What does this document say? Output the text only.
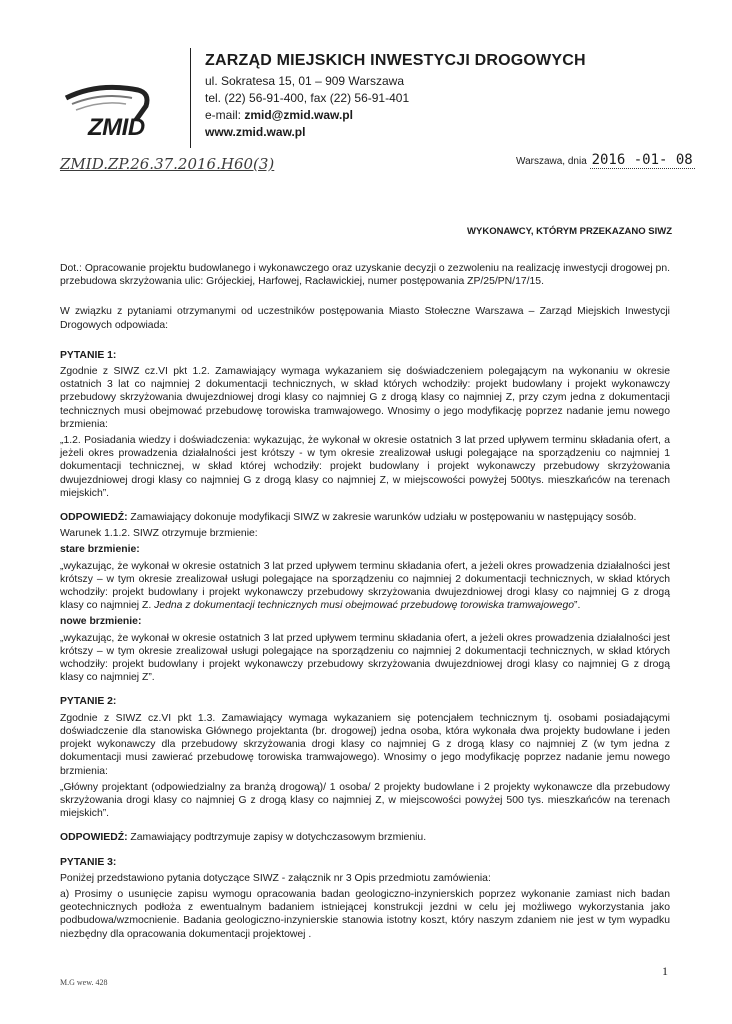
ZMID
ZARZĄD MIEJSKICH INWESTYCJI DROGOWYCH
ul. Sokratesa 15, 01 – 909 Warszawa
tel. (22) 56-91-400, fax (22) 56-91-401
e-mail: zmid@zmid.waw.pl
www.zmid.waw.pl
ZMID.ZP.26.37.2016.H60(3)	Warszawa, dnia 2016 -01- 08
WYKONAWCY, KTÓRYM PRZEKAZANO SIWZ

Dot.: Opracowanie projektu budowlanego i wykonawczego oraz uzyskanie decyzji o zezwoleniu na realizację inwestycji drogowej pn. przebudowa skrzyżowania ulic: Grójeckiej, Harfowej, Racławickiej, numer postępowania ZP/25/PN/17/15.

W związku z pytaniami otrzymanymi od uczestników postępowania Miasto Stołeczne Warszawa – Zarząd Miejskich Inwestycji Drogowych odpowiada:

PYTANIE 1:

Zgodnie z SIWZ cz.VI pkt 1.2. Zamawiający wymaga wykazaniem się doświadczeniem polegającym na wykonaniu w okresie ostatnich 3 lat co najmniej 2 dokumentacji technicznych, w skład których wchodziły: projekt budowlany i projekt wykonawczy przebudowy skrzyżowania dwujezdniowej drogi klasy co najmniej G z drogą klasy co najmniej Z, przy czym jedna z dokumentacji technicznych musi obejmować przebudowę torowiska tramwajowego. Wnosimy o jego modyfikację poprzez nadanie jemu nowego brzmienia:

„1.2. Posiadania wiedzy i doświadczenia: wykazując, że wykonał w okresie ostatnich 3 lat przed upływem terminu składania ofert, a jeżeli okres prowadzenia działalności jest krótszy - w tym okresie zrealizował usługi polegające na sporządzeniu co najmniej 1 dokumentacji technicznej, w skład której wchodziły: projekt budowlany i projekt wykonawczy przebudowy skrzyżowania dwujezdniowej drogi klasy co najmniej G z drogą klasy co najmniej Z, w miejscowości powyżej 500tys. mieszkańców na terenach miejskich”.

ODPOWIEDŹ: Zamawiający dokonuje modyfikacji SIWZ w zakresie warunków udziału w postępowaniu w następujący sosób.

Warunek 1.1.2. SIWZ otrzymuje brzmienie:

stare brzmienie:

„wykazując, że wykonał w okresie ostatnich 3 lat przed upływem terminu składania ofert, a jeżeli okres prowadzenia działalności jest krótszy – w tym okresie zrealizował usługi polegające na sporządzeniu co najmniej 2 dokumentacji technicznych, w skład których wchodziły: projekt budowlany i projekt wykonawczy przebudowy skrzyżowania dwujezdniowej drogi klasy co najmniej G z drogą klasy co najmniej Z. Jedna z dokumentacji technicznych musi obejmować przebudowę torowiska tramwajowego”.

nowe brzmienie:

„wykazując, że wykonał w okresie ostatnich 3 lat przed upływem terminu składania ofert, a jeżeli okres prowadzenia działalności jest krótszy – w tym okresie zrealizował usługi polegające na sporządzeniu co najmniej 2 dokumentacji technicznych, w skład których wchodziły: projekt budowlany i projekt wykonawczy przebudowy skrzyżowania dwujezdniowej drogi klasy co najmniej G z drogą klasy co najmniej Z”.

PYTANIE 2:

Zgodnie z SIWZ cz.VI pkt 1.3. Zamawiający wymaga wykazaniem się potencjałem technicznym tj. osobami posiadającymi doświadczenie dla stanowiska Głównego projektanta (br. drogowej) jedna osoba, która wykonała dwa projekty budowlane i jeden projekt wykonawczy dla przebudowy skrzyżowania drogi klasy co najmniej G z drogą klasy co najmniej Z (w tym jedna z dokumentacji musi zawierać przebudowę torowiska tramwajowego). Wnosimy o jego modyfikację poprzez nadanie jemu nowego brzmienia:

„Główny projektant (odpowiedzialny za branżą drogową)/ 1 osoba/ 2 projekty budowlane i 2 projekty wykonawcze dla przebudowy skrzyżowania drogi klasy co najmniej G z drogą klasy co najmniej Z, w miejscowości powyżej 500 tys. mieszkańców na terenach miejskich”.

ODPOWIEDŹ: Zamawiający podtrzymuje zapisy w dotychczasowym brzmieniu.

PYTANIE 3:

Poniżej przedstawiono pytania dotyczące SIWZ - załącznik nr 3 Opis przedmiotu zamówienia:

a) Prosimy o usunięcie zapisu wymogu opracowania badan geologiczno-inzynierskich poprzez wykonanie zamiast nich badan geotechnicznych podłoża z ewentualnym badaniem istniejącej konstrukcji jezdni w celu jej możliwego wykorzystania jako podbudowa/wzmocnienie. Badania geologiczno-inzynierskie stanowia istotny koszt, który naszym zdaniem nie jest w tym wypadku niezbędny dla opracowania dokumentacji projektowej .

M.G wew. 428
1
